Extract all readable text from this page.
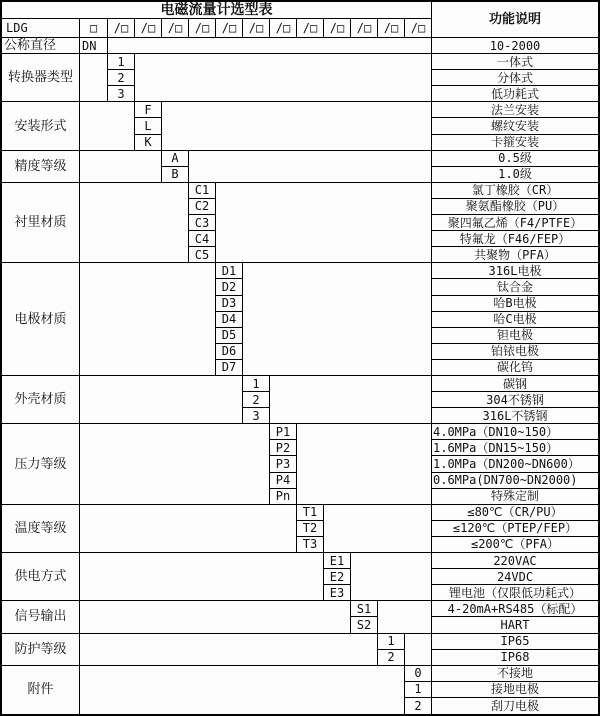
电磁流量计选型表
功能说明
LDG	□	/□	/□	/□	/□	/□	/□	/□	/□	/□	/□	/□	/□
公称直径	DN	10-2000
转换器类型
1	一体式
2	分体式
3	低功耗式
安装形式
F	法兰安装
L	螺纹安装
K	卡箍安装
精度等级
A	0.5级
B	1.0级
衬里材质
C1	氯丁橡胶（CR）
C2	聚氨酯橡胶（PU）
C3	聚四氟乙烯（F4/PTFE）
C4	特氟龙（F46/FEP）
C5	共聚物（PFA）
电极材质
D1	316L电极
D2	钛合金
D3	哈B电极
D4	哈C电极
D5	钽电极
D6	铂铱电极
D7	碳化钨
外壳材质
1	碳钢
2	304不锈钢
3	316L不锈钢
压力等级
P1	4.0MPa（DN10~150）
P2	1.6MPa（DN15~150）
P3	1.0MPa（DN200~DN600）
P4	0.6MPa(DN700~DN2000)
Pn	特殊定制
温度等级
T1	≤80℃（CR/PU）
T2	≤120℃（PTEP/FEP）
T3	≤200℃（PFA）
供电方式
E1	220VAC
E2	24VDC
E3	锂电池（仅限低功耗式）
信号输出
S1	4-20mA+RS485（标配）
S2	HART
防护等级
1	IP65
2	IP68
附件
0	不接地
1	接地电极
2	刮刀电极
